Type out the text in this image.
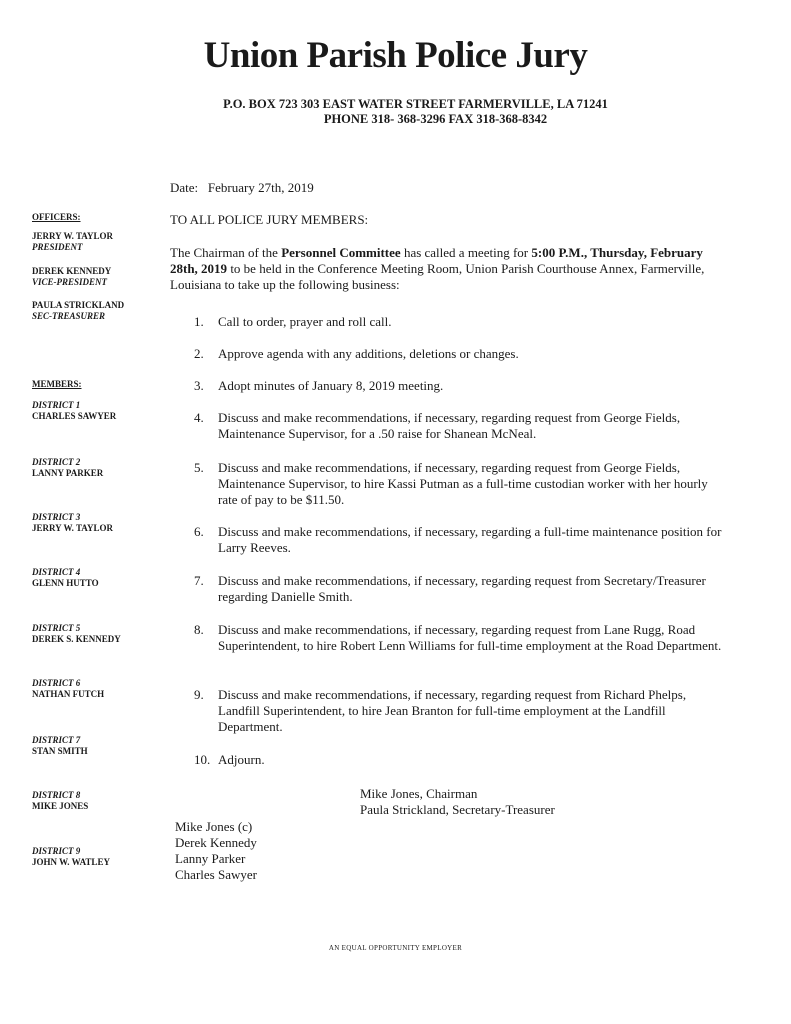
Union Parish Police Jury
P.O. BOX 723 303 EAST WATER STREET FARMERVILLE, LA 71241
PHONE 318- 368-3296 FAX 318-368-8342
OFFICERS:
JERRY W. TAYLOR
PRESIDENT
DEREK KENNEDY
VICE-PRESIDENT
PAULA STRICKLAND
SEC-TREASURER
MEMBERS:
DISTRICT 1
CHARLES SAWYER
DISTRICT 2
LANNY PARKER
DISTRICT 3
JERRY W. TAYLOR
DISTRICT 4
GLENN HUTTO
DISTRICT 5
DEREK S. KENNEDY
DISTRICT 6
NATHAN FUTCH
DISTRICT 7
STAN SMITH
DISTRICT 8
MIKE JONES
DISTRICT 9
JOHN W. WATLEY
Date: February 27th, 2019
TO ALL POLICE JURY MEMBERS:
The Chairman of the Personnel Committee has called a meeting for 5:00 P.M., Thursday, February 28th, 2019 to be held in the Conference Meeting Room, Union Parish Courthouse Annex, Farmerville, Louisiana to take up the following business:
1. Call to order, prayer and roll call.
2. Approve agenda with any additions, deletions or changes.
3. Adopt minutes of January 8, 2019 meeting.
4. Discuss and make recommendations, if necessary, regarding request from George Fields, Maintenance Supervisor, for a .50 raise for Shanean McNeal.
5. Discuss and make recommendations, if necessary, regarding request from George Fields, Maintenance Supervisor, to hire Kassi Putman as a full-time custodian worker with her hourly rate of pay to be $11.50.
6. Discuss and make recommendations, if necessary, regarding a full-time maintenance position for Larry Reeves.
7. Discuss and make recommendations, if necessary, regarding request from Secretary/Treasurer regarding Danielle Smith.
8. Discuss and make recommendations, if necessary, regarding request from Lane Rugg, Road Superintendent, to hire Robert Lenn Williams for full-time employment at the Road Department.
9. Discuss and make recommendations, if necessary, regarding request from Richard Phelps, Landfill Superintendent, to hire Jean Branton for full-time employment at the Landfill Department.
10. Adjourn.
Mike Jones, Chairman
Paula Strickland, Secretary-Treasurer
Mike Jones (c)
Derek Kennedy
Lanny Parker
Charles Sawyer
AN EQUAL OPPORTUNITY EMPLOYER
